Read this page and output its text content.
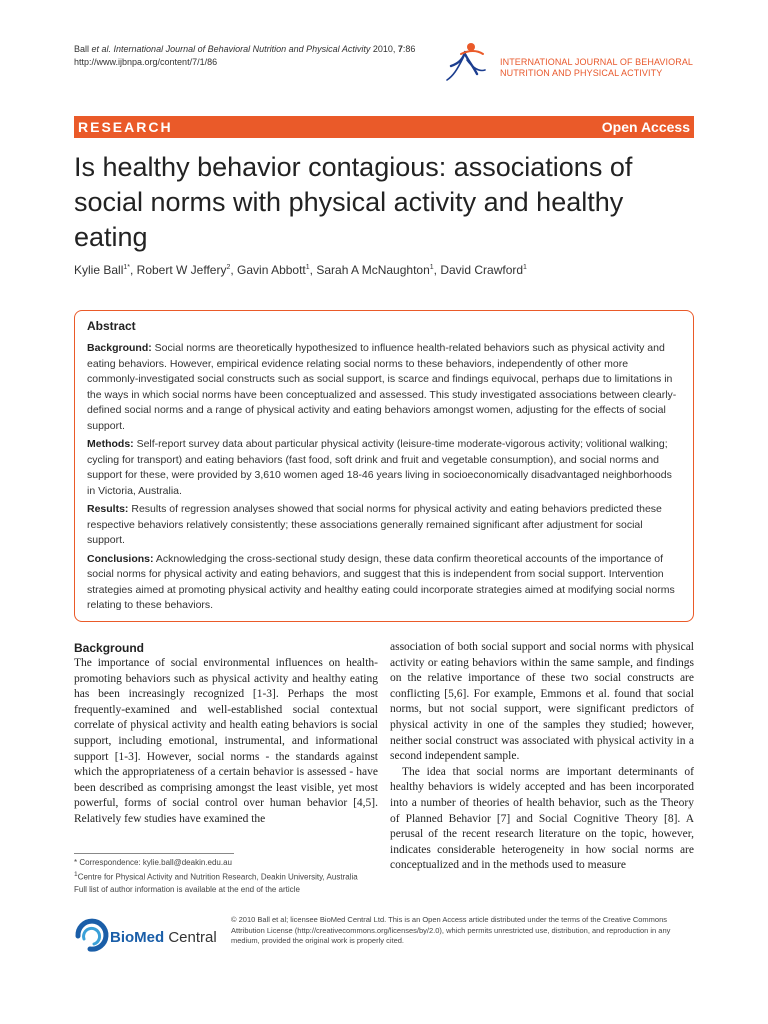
Ball et al. International Journal of Behavioral Nutrition and Physical Activity 2010, 7:86
http://www.ijbnpa.org/content/7/1/86	INTERNATIONAL JOURNAL OF BEHAVIORAL
NUTRITION AND PHYSICAL ACTIVITY
RESEARCH	Open Access
Is healthy behavior contagious: associations of social norms with physical activity and healthy eating
Kylie Ball$^{1*}$, Robert W Jeffery$^2$, Gavin Abbott$^1$, Sarah A McNaughton$^1$, David Crawford$^1$
Abstract

Background: Social norms are theoretically hypothesized to influence health-related behaviors such as physical activity and eating behaviors. However, empirical evidence relating social norms to these behaviors, independently of other more commonly-investigated social constructs such as social support, is scarce and findings equivocal, perhaps due to limitations in the ways in which social norms have been conceptualized and assessed. This study investigated associations between clearly-defined social norms and a range of physical activity and eating behaviors amongst women, adjusting for the effects of social support.

Methods: Self-report survey data about particular physical activity (leisure-time moderate-vigorous activity; volitional walking; cycling for transport) and eating behaviors (fast food, soft drink and fruit and vegetable consumption), and social norms and support for these, were provided by 3,610 women aged 18-46 years living in socioeconomically disadvantaged neighborhoods in Victoria, Australia.

Results: Results of regression analyses showed that social norms for physical activity and eating behaviors predicted these respective behaviors relatively consistently; these associations generally remained significant after adjustment for social support.

Conclusions: Acknowledging the cross-sectional study design, these data confirm theoretical accounts of the importance of social norms for physical activity and eating behaviors, and suggest that this is independent from social support. Intervention strategies aimed at promoting physical activity and healthy eating could incorporate strategies aimed at modifying social norms relating to these behaviors.

Background

The importance of social environmental influences on health-promoting behaviors such as physical activity and healthy eating has been increasingly recognized [1-3]. Perhaps the most frequently-examined and well-established social contextual correlate of physical activity and health eating behaviors is social support, including emotional, instrumental, and informational support [1-3]. However, social norms - the standards against which the appropriateness of a certain behavior is assessed - have been described as comprising amongst the least visible, yet most powerful, forms of social control over human behavior [4,5]. Relatively few studies have examined the

association of both social support and social norms with physical activity or eating behaviors within the same sample, and findings on the relative importance of these two social constructs are conflicting [5,6]. For example, Emmons et al. found that social norms, but not social support, were significant predictors of physical activity in one of the samples they studied; however, neither social construct was associated with physical activity in a second independent sample.

The idea that social norms are important determinants of healthy behaviors is widely accepted and has been incorporated into a number of theories of health behavior, such as the Theory of Planned Behavior [7] and Social Cognitive Theory [8]. A perusal of the recent research literature on the topic, however, indicates considerable heterogeneity in how social norms are conceptualized and in the methods used to measure

* Correspondence: kylie.ball@deakin.edu.au

$^1$Centre for Physical Activity and Nutrition Research, Deakin University, Australia

Full list of author information is available at the end of the article

BioMed Central
© 2010 Ball et al; licensee BioMed Central Ltd. This is an Open Access article distributed under the terms of the Creative Commons Attribution License (http://creativecommons.org/licenses/by/2.0), which permits unrestricted use, distribution, and reproduction in any medium, provided the original work is properly cited.
